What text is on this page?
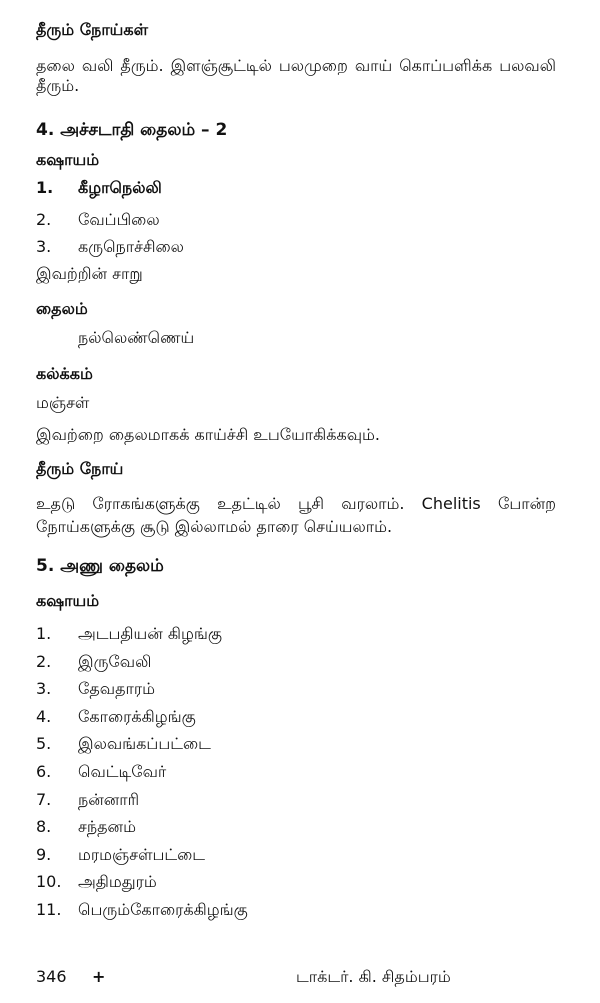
தீரும் நோய்கள்
தலை வலி தீரும். இளஞ்சூட்டில் பலமுறை வாய் கொப்பளிக்க பலவலி தீரும்.
4. அச்சடாதி தைலம் – 2
கஷாயம்
1. கீழாநெல்லி
2. வேப்பிலை
3. கருநொச்சிலை
இவற்றின் சாறு
தைலம்
நல்லெண்ணெய்
கல்க்கம்
மஞ்சள்
இவற்றை தைலமாகக் காய்ச்சி உபயோகிக்கவும்.
தீரும் நோய்
உதடு ரோகங்களுக்கு உதட்டில் பூசி வரலாம். Chelitis போன்ற நோய்களுக்கு சூடு இல்லாமல் தாரை செய்யலாம்.
5. அணு தைலம்
கஷாயம்
1. அடபதியன் கிழங்கு
2. இருவேலி
3. தேவதாரம்
4. கோரைக்கிழங்கு
5. இலவங்கப்பட்டை
6. வெட்டிவேர்
7. நன்னாரி
8. சந்தனம்
9. மரமஞ்சள்பட்டை
10. அதிமதுரம்
11. பெரும்கோரைக்கிழங்கு
346 +	டாக்டர். கி. சிதம்பரம்
